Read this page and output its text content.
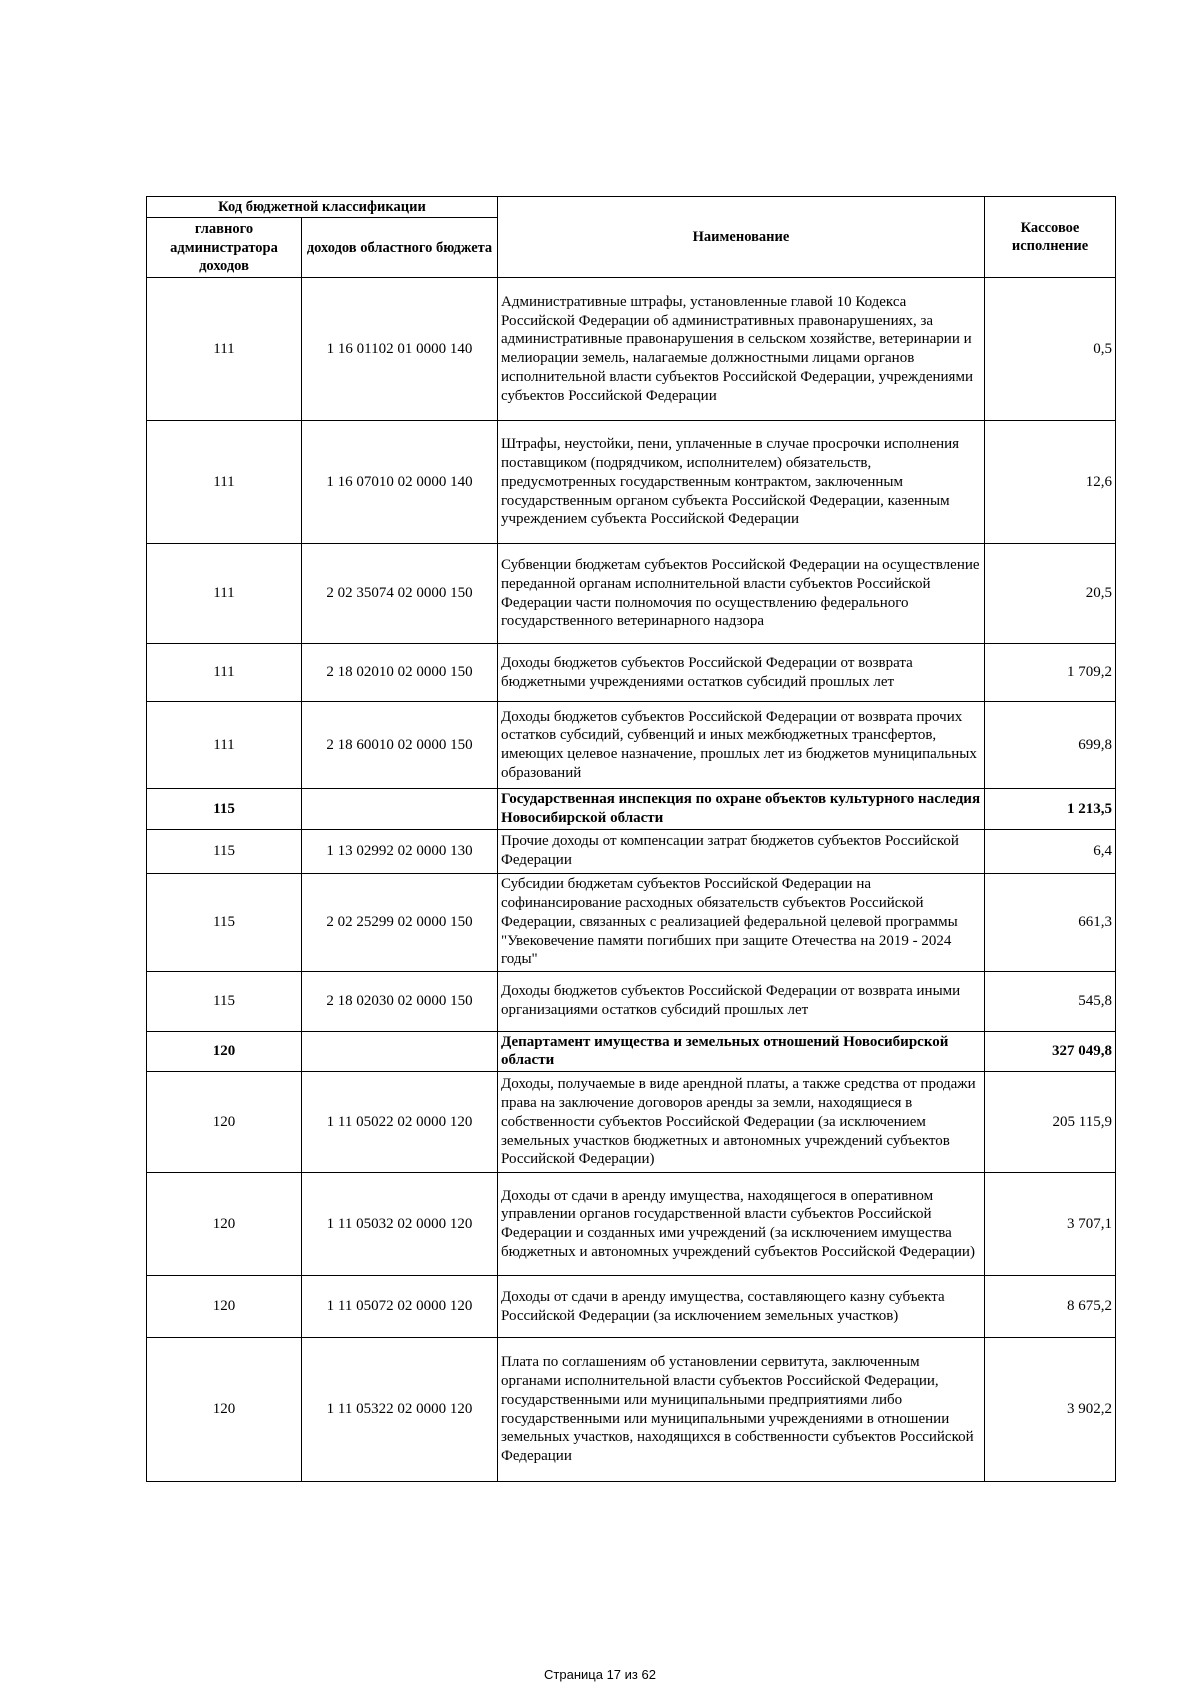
Код бюджетной классификации		Наименование	Кассовое исполнение
главного администратора доходов	доходов областного бюджета		
111	1 16 01102 01 0000 140	Административные штрафы, установленные главой 10 Кодекса Российской Федерации об административных правонарушениях, за административные правонарушения в сельском хозяйстве, ветеринарии и мелиорации земель, налагаемые должностными лицами органов исполнительной власти субъектов Российской Федерации, учреждениями субъектов Российской Федерации	0,5
111	1 16 07010 02 0000 140	Штрафы, неустойки, пени, уплаченные в случае просрочки исполнения поставщиком (подрядчиком, исполнителем) обязательств, предусмотренных государственным контрактом, заключенным государственным органом субъекта Российской Федерации, казенным учреждением субъекта Российской Федерации	12,6
111	2 02 35074 02 0000 150	Субвенции бюджетам субъектов Российской Федерации на осуществление переданной органам исполнительной власти субъектов Российской Федерации части полномочия по осуществлению федерального государственного ветеринарного надзора	20,5
111	2 18 02010 02 0000 150	Доходы бюджетов субъектов Российской Федерации от возврата бюджетными учреждениями остатков субсидий прошлых лет	1 709,2
111	2 18 60010 02 0000 150	Доходы бюджетов субъектов Российской Федерации от возврата прочих остатков субсидий, субвенций и иных межбюджетных трансфертов, имеющих целевое назначение, прошлых лет из бюджетов муниципальных образований	699,8
115		Государственная инспекция по охране объектов культурного наследия Новосибирской области	1 213,5
115	1 13 02992 02 0000 130	Прочие доходы от компенсации затрат бюджетов субъектов Российской Федерации	6,4
115	2 02 25299 02 0000 150	Субсидии бюджетам субъектов Российской Федерации на софинансирование расходных обязательств субъектов Российской Федерации, связанных с реализацией федеральной целевой программы "Увековечение памяти погибших при защите Отечества на 2019 - 2024 годы"	661,3
115	2 18 02030 02 0000 150	Доходы бюджетов субъектов Российской Федерации от возврата иными организациями остатков субсидий прошлых лет	545,8
120		Департамент имущества и земельных отношений Новосибирской области	327 049,8
120	1 11 05022 02 0000 120	Доходы, получаемые в виде арендной платы, а также средства от продажи права на заключение договоров аренды за земли, находящиеся в собственности субъектов Российской Федерации (за исключением земельных участков бюджетных и автономных учреждений субъектов Российской Федерации)	205 115,9
120	1 11 05032 02 0000 120	Доходы от сдачи в аренду имущества, находящегося в оперативном управлении органов государственной власти субъектов Российской Федерации и созданных ими учреждений (за исключением имущества бюджетных и автономных учреждений субъектов Российской Федерации)	3 707,1
120	1 11 05072 02 0000 120	Доходы от сдачи в аренду имущества, составляющего казну субъекта Российской Федерации (за исключением земельных участков)	8 675,2
120	1 11 05322 02 0000 120	Плата по соглашениям об установлении сервитута, заключенным органами исполнительной власти субъектов Российской Федерации, государственными или муниципальными предприятиями либо государственными или муниципальными учреждениями в отношении земельных участков, находящихся в собственности субъектов Российской Федерации	3 902,2
Страница 17 из 62
